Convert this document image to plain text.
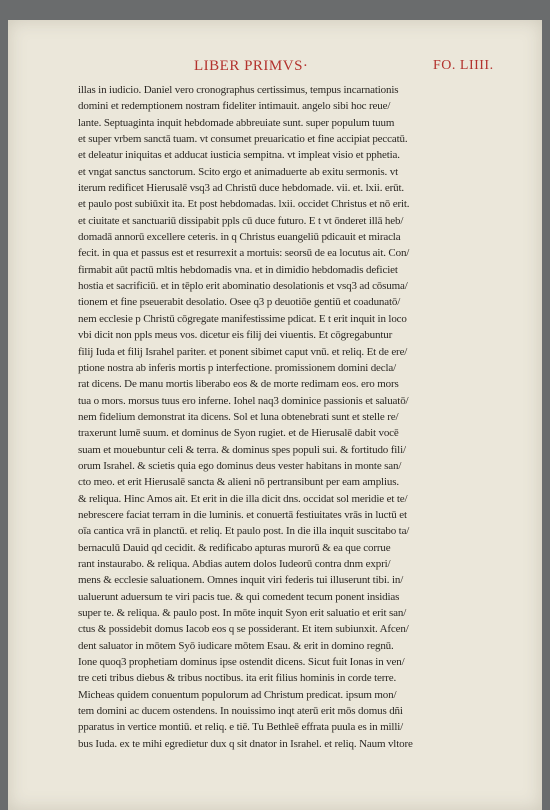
LIBER PRIMVS·	FO. LIIII.
illas in iudicio. Daniel vero cronographus certissimus, tempus incarnationis
domini et redemptionem nostram fideliter intimauit. angelo sibi hoc reue/
lante. Septuaginta inquit hebdomade abbreuiate sunt. super populum tuum
et super vrbem sanctā tuam. vt consumet preuaricatio et fine accipiat peccatū.
et deleatur iniquitas et adducat iusticia sempitna. vt impleat visio et pphetia.
et vngat sanctus sanctorum. Scito ergo et animaduerte ab exitu sermonis. vt
iterum redificet Hierusalē vsq3 ad Christū duce hebdomade. vii. et. lxii. erūt.
et paulo post subiūxit ita. Et post hebdomadas. lxii. occidet Christus et nō erit.
et ciuitate et sanctuariū dissipabit ppls cū duce futuro. E t vt ōnderet illā heb/
domadā annorū excellere ceteris. in q Christus euangeliū pdicauit et miracla
fecit. in qua et passus est et resurrexit a mortuis: seorsū de ea locutus ait. Con/
firmabit aūt pactū mltis hebdomadis vna. et in dimidio hebdomadis deficiet
hostia et sacrificiū. et in tēplo erit abominatio desolationis et vsq3 ad cōsuma/
tionem et fine pseuerabit desolatio. Osee q3 p deuotiōe gentiū et coadunatō/
nem ecclesie p Christū cōgregate manifestissime pdicat. E t erit inquit in loco
vbi dicit non ppls meus vos. dicetur eis filij dei viuentis. Et cōgregabuntur
filij Iuda et filij Israhel pariter. et ponent sibimet caput vnū. et reliq. Et de ere/
ptione nostra ab inferis mortis p interfectione. promissionem domini decla/
rat dicens. De manu mortis liberabo eos & de morte redimam eos. ero mors
tua o mors. morsus tuus ero inferne. Iohel naq3 dominice passionis et saluatō/
nem fidelium demonstrat ita dicens. Sol et luna obtenebrati sunt et stelle re/
traxerunt lumē suum. et dominus de Syon rugiet. et de Hierusalē dabit vocē
suam et mouebuntur celi & terra. & dominus spes populi sui. & fortitudo fili/
orum Israhel. & scietis quia ego dominus deus vester habitans in monte san/
cto meo. et erit Hierusalē sancta & alieni nō pertransibunt per eam amplius.
& reliqua. Hinc Amos ait. Et erit in die illa dicit dns. occidat sol meridie et te/
nebrescere faciat terram in die luminis. et conuertā festiuitates vrās in luctū et
oīa cantica vrā in planctū. et reliq. Et paulo post. In die illa inquit suscitabo ta/
bernaculū Dauid qd cecidit. & redificabo apturas murorū & ea que corrue
rant instaurabo. & reliqua. Abdias autem dolos Iudeorū contra dnm expri/
mens & ecclesie saluationem. Omnes inquit viri federis tui illuserunt tibi. in/
ualuerunt aduersum te viri pacis tue. & qui comedent tecum ponent insidias
super te. & reliqua. & paulo post. In mōte inquit Syon erit saluatio et erit san/
ctus & possidebit domus Iacob eos q se possiderant. Et item subiunxit. Afcen/
dent saluator in mōtem Syō iudicare mōtem Esau. & erit in domino regnū.
Ione quoq3 prophetiam dominus ipse ostendit dicens. Sicut fuit Ionas in ven/
tre ceti tribus diebus & tribus noctibus. ita erit filius hominis in corde terre.
Micheas quidem conuentum populorum ad Christum predicat. ipsum mon/
tem domini ac ducem ostendens. In nouissimo inqt aterū erit mōs domus dñi
pparatus in vertice montiū. et reliq. e tiē. Tu Bethleē effrata puula es in milli/
bus Iuda. ex te mihi egredietur dux q sit dnator in Israhel. et reliq. Naum vltore
